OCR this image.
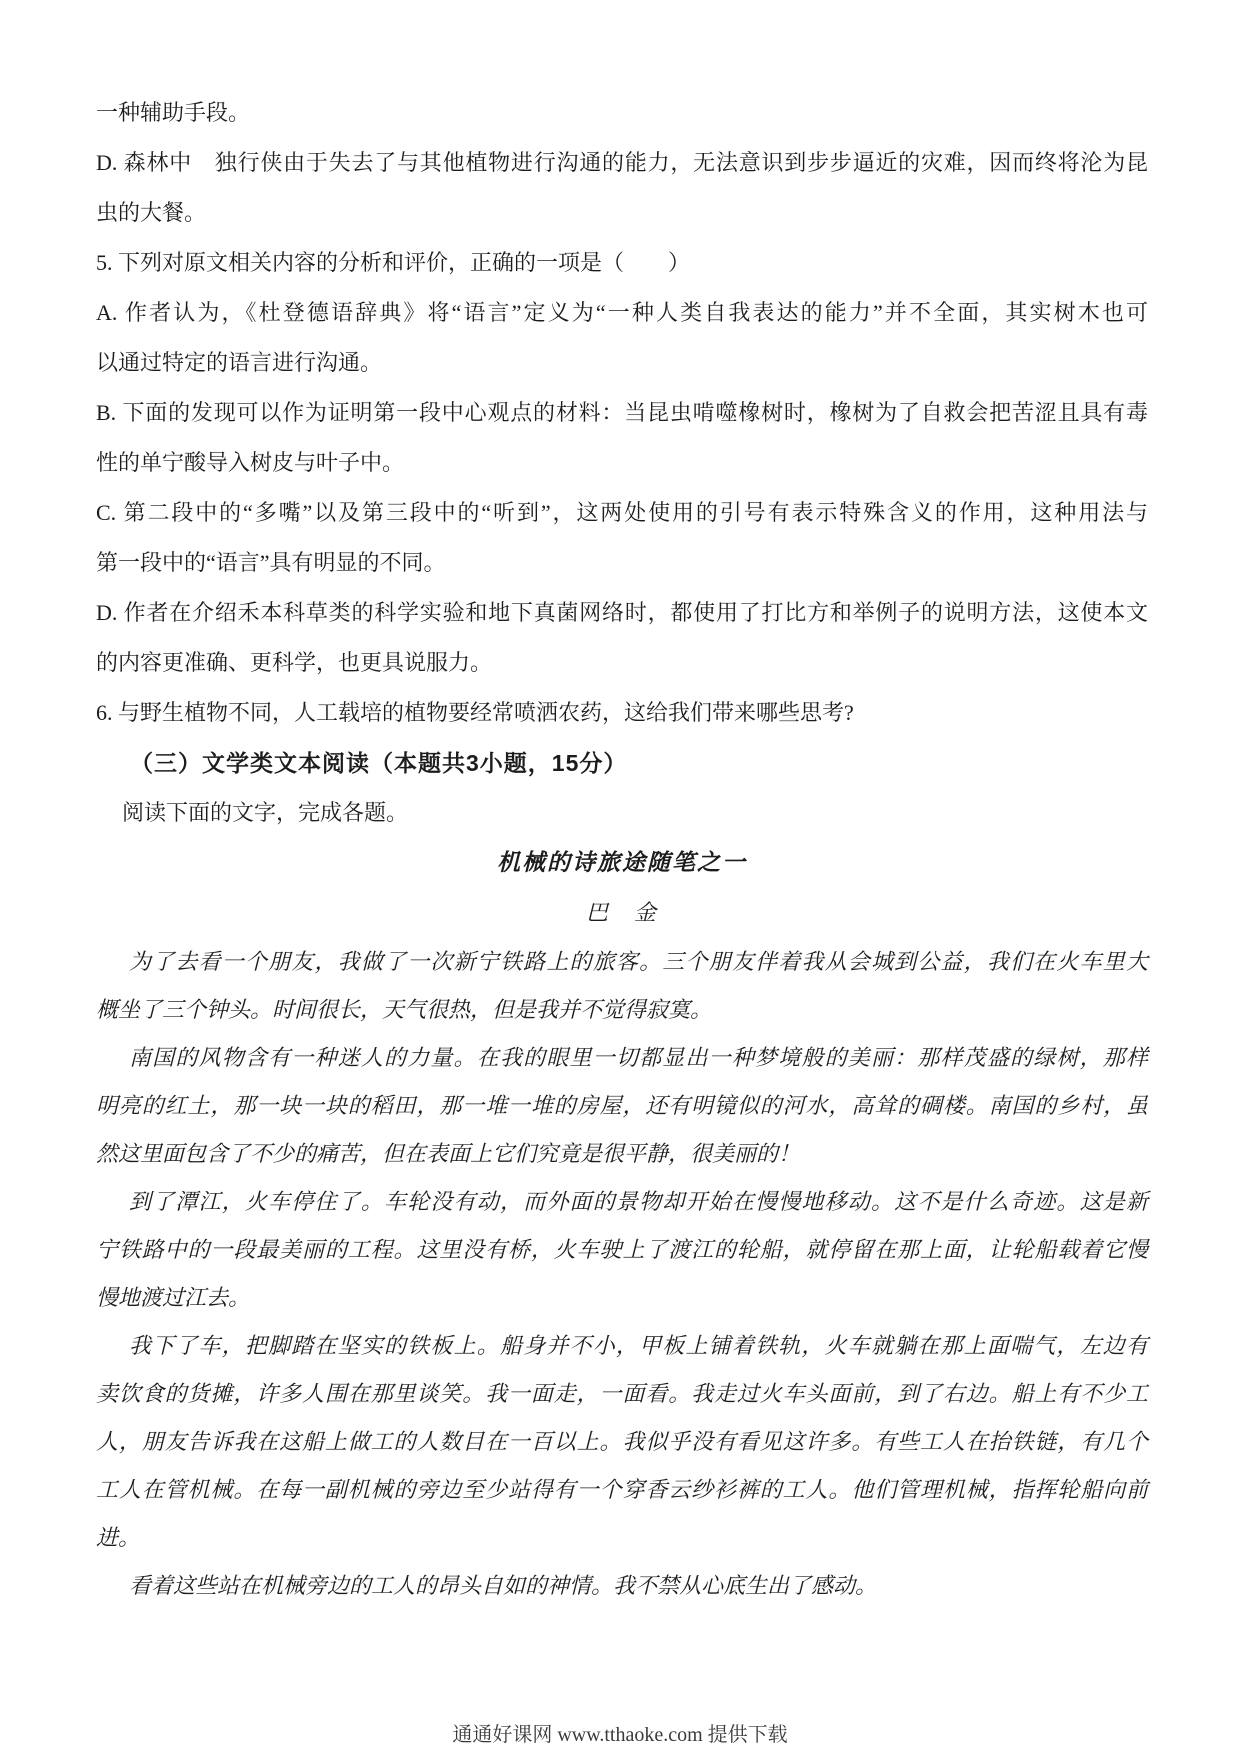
一种辅助手段。
D. 森林中　独行侠由于失去了与其他植物进行沟通的能力，无法意识到步步逼近的灾难，因而终将沦为昆
虫的大餐。
5. 下列对原文相关内容的分析和评价，正确的一项是（　　）
A. 作者认为，《杜登德语辞典》将“语言”定义为“一种人类自我表达的能力”并不全面，其实树木也可
以通过特定的语言进行沟通。
B. 下面的发现可以作为证明第一段中心观点的材料：当昆虫啃噬橡树时，橡树为了自救会把苦涩且具有毒
性的单宁酸导入树皮与叶子中。
C. 第二段中的“多嘴”以及第三段中的“听到”，这两处使用的引号有表示特殊含义的作用，这种用法与
第一段中的“语言”具有明显的不同。
D. 作者在介绍禾本科草类的科学实验和地下真菌网络时，都使用了打比方和举例子的说明方法，这使本文
的内容更准确、更科学，也更具说服力。
6. 与野生植物不同，人工载培的植物要经常喷洒农药，这给我们带来哪些思考?
（三）文学类文本阅读（本题共3小题，15分）
阅读下面的文字，完成各题。
机械的诗旅途随笔之一
巴　金
为了去看一个朋友，我做了一次新宁铁路上的旅客。三个朋友伴着我从会城到公益，我们在火车里大
概坐了三个钟头。时间很长，天气很热，但是我并不觉得寂寞。
南国的风物含有一种迷人的力量。在我的眼里一切都显出一种梦境般的美丽：那样茂盛的绿树，那样
明亮的红土，那一块一块的稻田，那一堆一堆的房屋，还有明镜似的河水，高耸的碉楼。南国的乡村，虽
然这里面包含了不少的痛苦，但在表面上它们究竟是很平静，很美丽的！
到了潭江，火车停住了。车轮没有动，而外面的景物却开始在慢慢地移动。这不是什么奇迹。这是新
宁铁路中的一段最美丽的工程。这里没有桥，火车驶上了渡江的轮船，就停留在那上面，让轮船载着它慢
慢地渡过江去。
我下了车，把脚踏在坚实的铁板上。船身并不小，甲板上铺着铁轨，火车就躺在那上面喘气，左边有
卖饮食的货摊，许多人围在那里谈笑。我一面走，一面看。我走过火车头面前，到了右边。船上有不少工
人，朋友告诉我在这船上做工的人数目在一百以上。我似乎没有看见这许多。有些工人在抬铁链，有几个
工人在管机械。在每一副机械的旁边至少站得有一个穿香云纱衫裤的工人。他们管理机械，指挥轮船向前
进。
看着这些站在机械旁边的工人的昂头自如的神情。我不禁从心底生出了感动。
通通好课网 www.tthaoke.com 提供下载
